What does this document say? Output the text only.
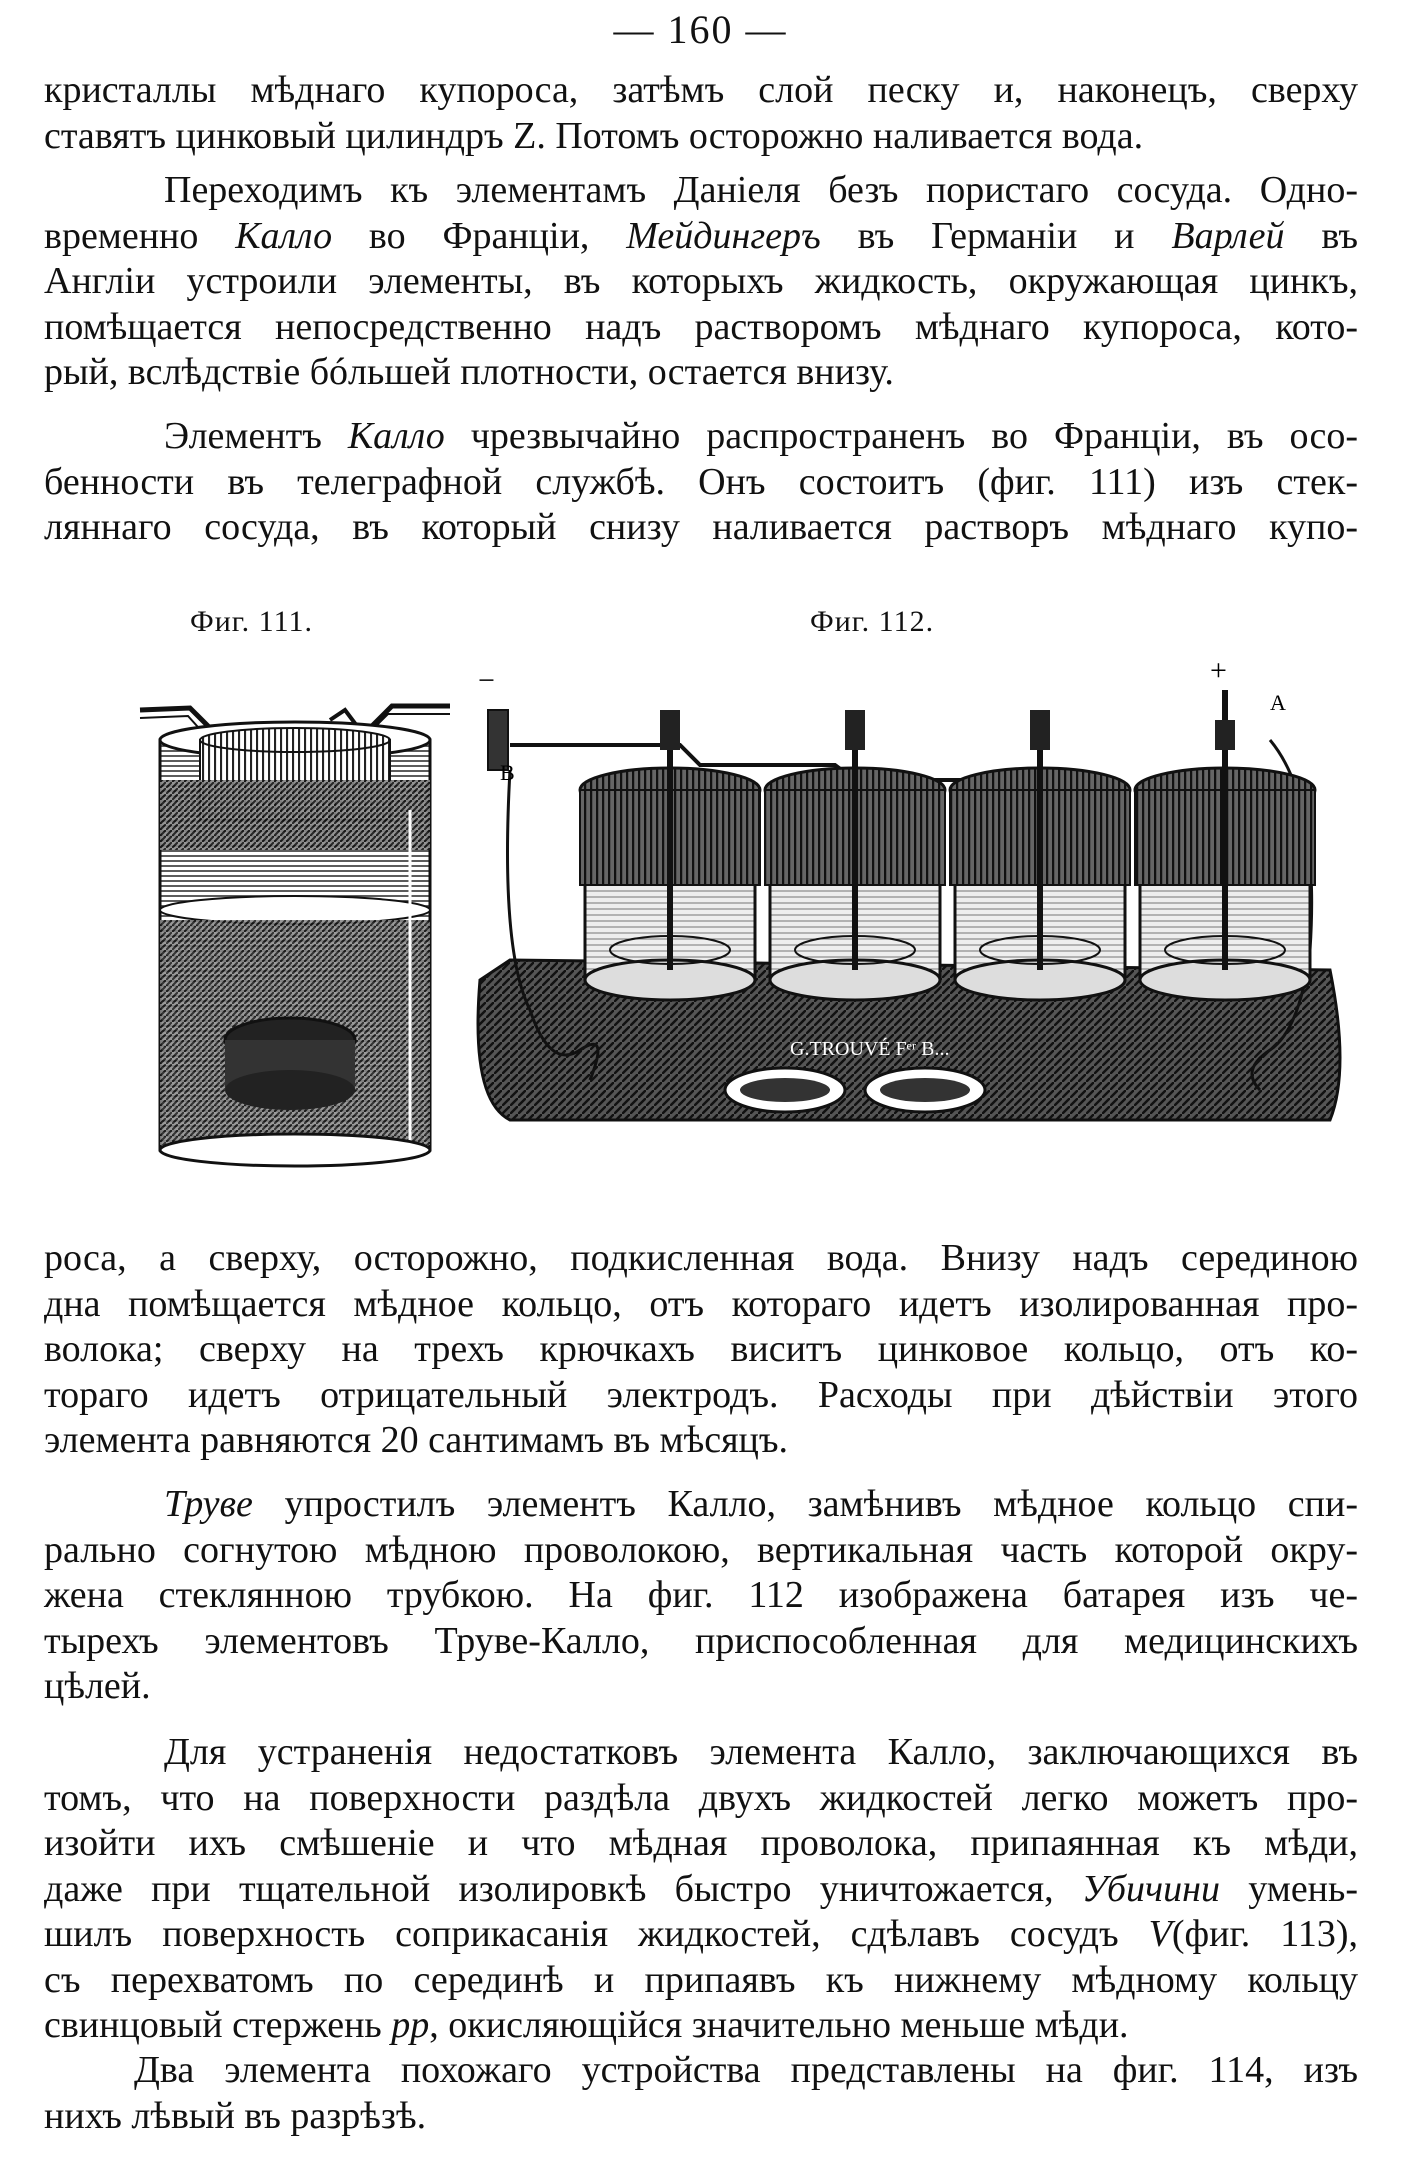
— 160 —
кристаллы мѣднаго купороса, затѣмъ слой песку и, наконецъ, сверху
ставятъ цинковый цилиндръ Z. Потомъ осторожно наливается вода.
Переходимъ къ элементамъ Даніеля безъ пористаго сосуда. Одно-
временно Калло во Франціи, Мейдингеръ въ Германіи и Варлей въ
Англіи устроили элементы, въ которыхъ жидкость, окружающая цинкъ,
помѣщается непосредственно надъ растворомъ мѣднаго купороса, кото-
рый, вслѣдствіе бóльшей плотности, остается внизу.
Элементъ Калло чрезвычайно распространенъ во Франціи, въ осо-
бенности въ телеграфной службѣ. Онъ состоитъ (фиг. 111) изъ стек-
ляннаго сосуда, въ который снизу наливается растворъ мѣднаго купо-
Фиг. 111.	Фиг. 112.
−	+
A
B
G.TROUVÉ Fᵉʳ B...
роса, а сверху, осторожно, подкисленная вода. Внизу надъ серединою
дна помѣщается мѣдное кольцо, отъ котораго идетъ изолированная про-
волока; сверху на трехъ крючкахъ виситъ цинковое кольцо, отъ ко-
тораго идетъ отрицательный электродъ. Расходы при дѣйствіи этого
элемента равняются 20 сантимамъ въ мѣсяцъ.
Труве упростилъ элементъ Калло, замѣнивъ мѣдное кольцо спи-
рально согнутою мѣдною проволокою, вертикальная часть которой окру-
жена стеклянною трубкою. На фиг. 112 изображена батарея изъ че-
тырехъ элементовъ Труве-Калло, приспособленная для медицинскихъ
цѣлей.
Для устраненія недостатковъ элемента Калло, заключающихся въ
томъ, что на поверхности раздѣла двухъ жидкостей легко можетъ про-
изойти ихъ смѣшеніе и что мѣдная проволока, припаянная къ мѣди,
даже при тщательной изолировкѣ быстро уничтожается, Убичини умень-
шилъ поверхность соприкасанія жидкостей, сдѣлавъ сосудъ V(фиг. 113),
съ перехватомъ по серединѣ и припаявъ къ нижнему мѣдному кольцу
свинцовый стержень pp, окисляющійся значительно меньше мѣди.
Два элемента похожаго устройства представлены на фиг. 114, изъ
нихъ лѣвый въ разрѣзѣ.
